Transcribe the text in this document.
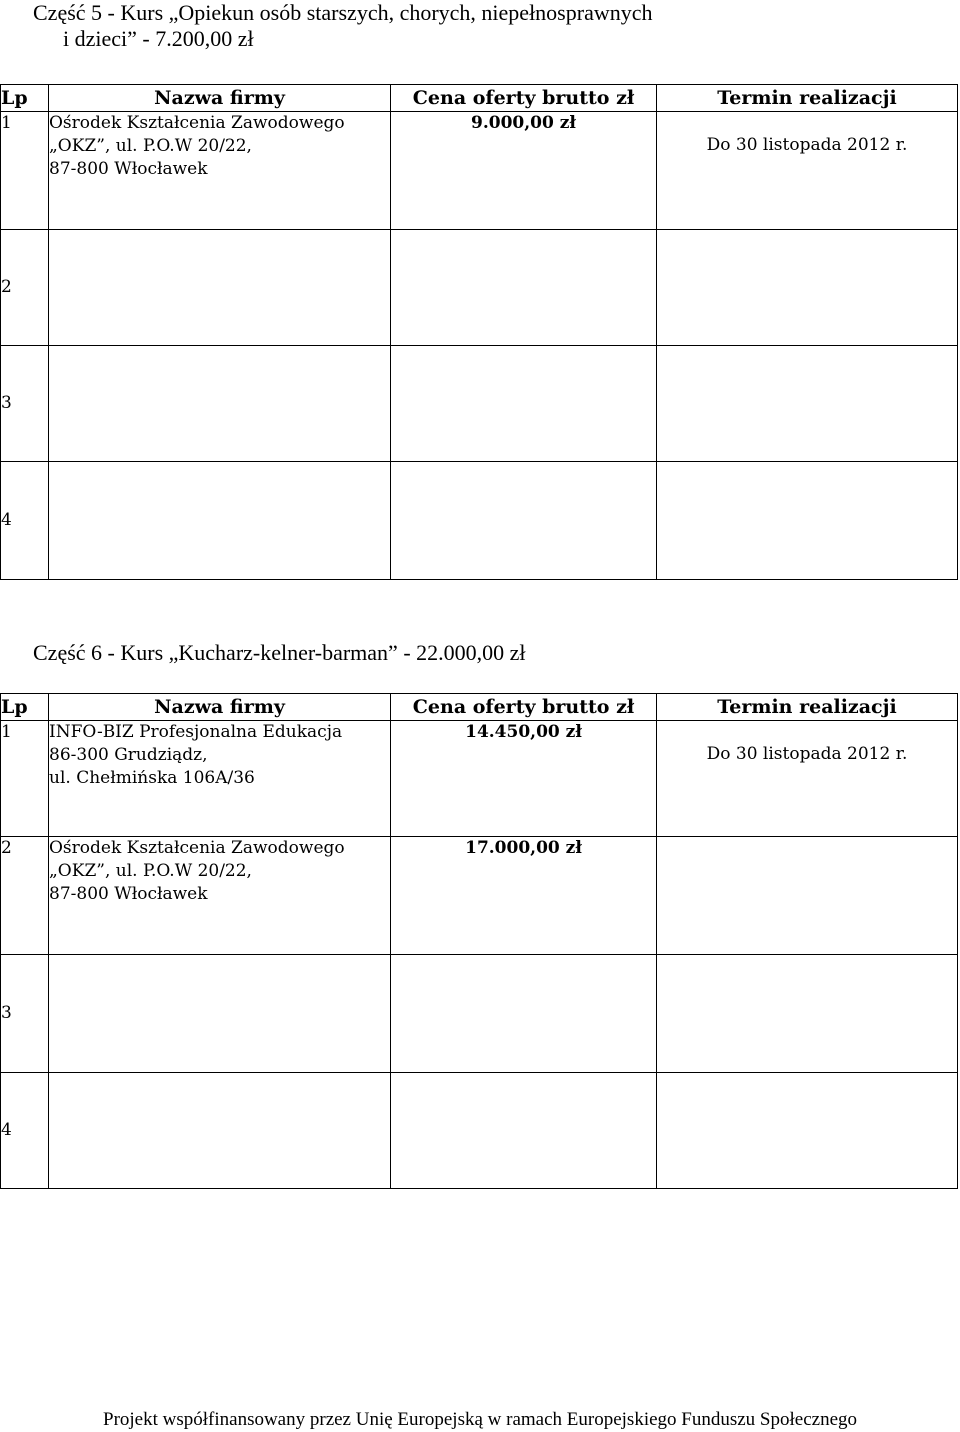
Część 5 - Kurs „Opiekun osób starszych, chorych, niepełnosprawnych
i dzieci” - 7.200,00 zł
Lp	Nazwa firmy	Cena oferty brutto zł	Termin realizacji
1	Ośrodek Kształcenia Zawodowego
„OKZ”, ul. P.O.W 20/22,
87-800 Włocławek	9.000,00 zł	Do 30 listopada 2012 r.

2			
3			
4			
Część 6 - Kurs „Kucharz-kelner-barman” - 22.000,00 zł
Lp	Nazwa firmy	Cena oferty brutto zł	Termin realizacji
1	INFO-BIZ Profesjonalna Edukacja
86-300 Grudziądz,
ul. Chełmińska 106A/36	14.450,00 zł	Do 30 listopada 2012 r.

2	Ośrodek Kształcenia Zawodowego
„OKZ”, ul. P.O.W 20/22,
87-800 Włocławek	17.000,00 zł	
3			
4			
Projekt współfinansowany przez Unię Europejską w ramach Europejskiego Funduszu Społecznego
